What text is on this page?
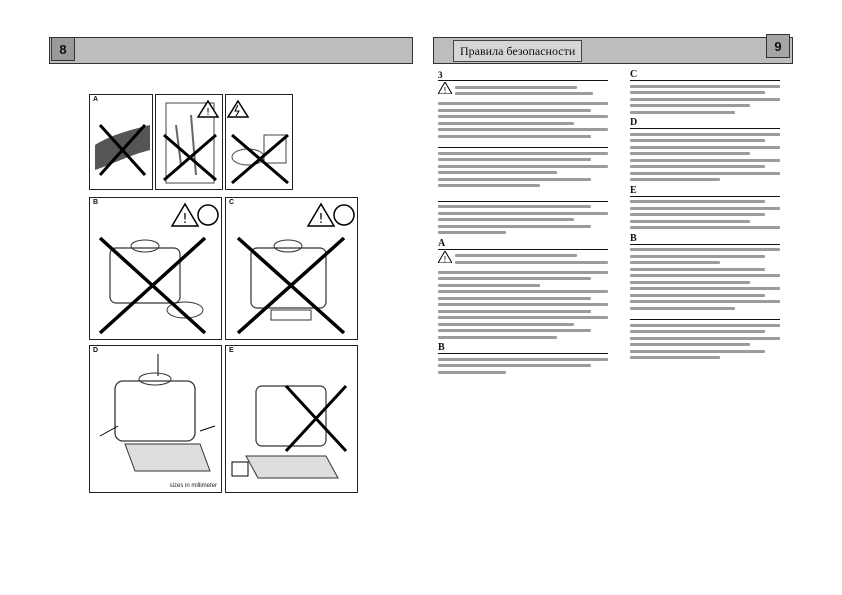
8	Правила безопасности	9
A
!
!
B
!
C
D
sizes in millimeter
E
3
!

A
!
B
C
D
E
B
